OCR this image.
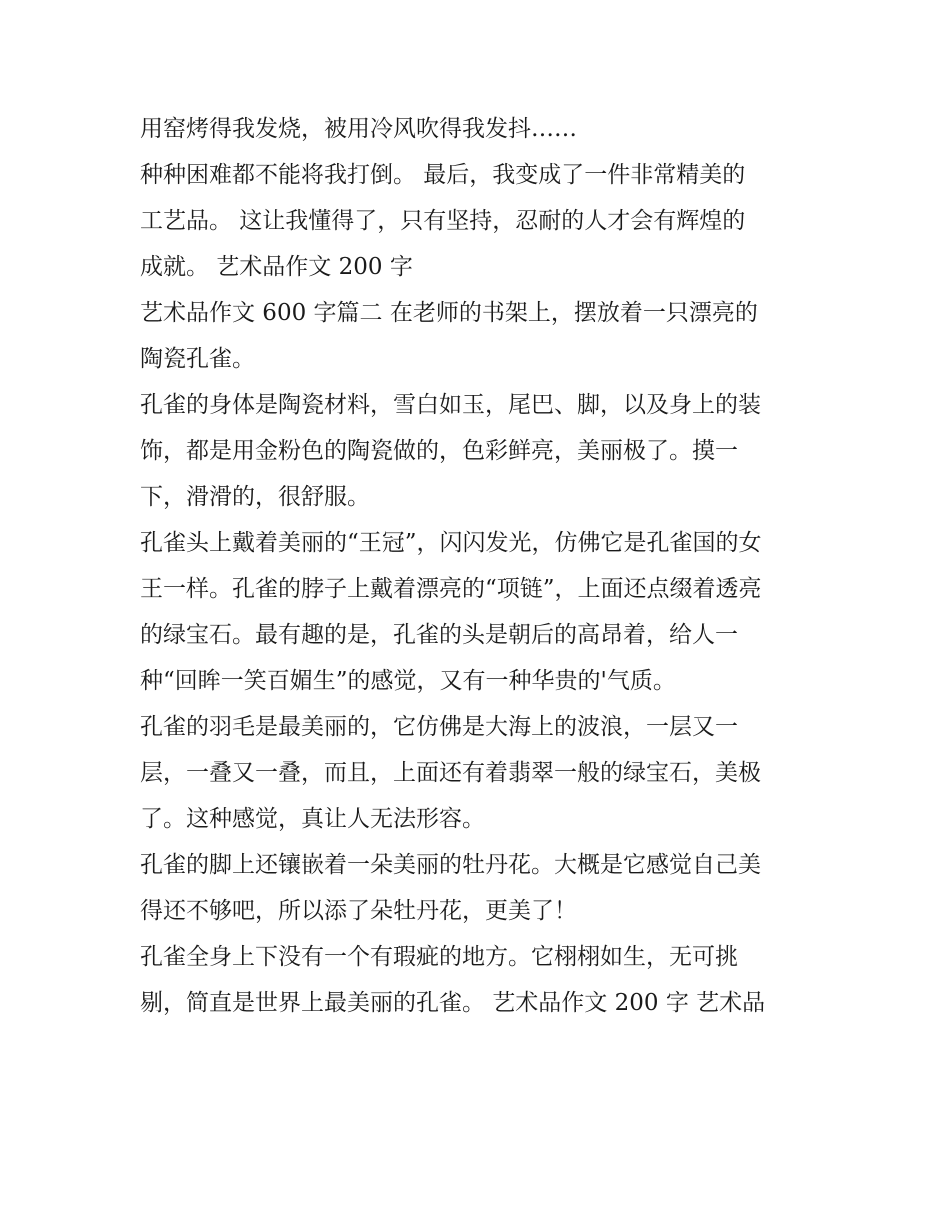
用窑烤得我发烧，被用冷风吹得我发抖……
种种困难都不能将我打倒。 最后，我变成了一件非常精美的
工艺品。 这让我懂得了，只有坚持，忍耐的人才会有辉煌的
成就。 艺术品作文 200 字
艺术品作文 600 字篇二 在老师的书架上，摆放着一只漂亮的
陶瓷孔雀。
孔雀的身体是陶瓷材料，雪白如玉，尾巴、脚，以及身上的装
饰，都是用金粉色的陶瓷做的，色彩鲜亮，美丽极了。摸一
下，滑滑的，很舒服。
孔雀头上戴着美丽的“王冠”，闪闪发光，仿佛它是孔雀国的女
王一样。孔雀的脖子上戴着漂亮的“项链”，上面还点缀着透亮
的绿宝石。最有趣的是，孔雀的头是朝后的高昂着，给人一
种“回眸一笑百媚生”的感觉，又有一种华贵的'气质。
孔雀的羽毛是最美丽的，它仿佛是大海上的波浪，一层又一
层，一叠又一叠，而且，上面还有着翡翠一般的绿宝石，美极
了。这种感觉，真让人无法形容。
孔雀的脚上还镶嵌着一朵美丽的牡丹花。大概是它感觉自己美
得还不够吧，所以添了朵牡丹花，更美了！
孔雀全身上下没有一个有瑕疵的地方。它栩栩如生，无可挑
剔，简直是世界上最美丽的孔雀。 艺术品作文 200 字 艺术品
